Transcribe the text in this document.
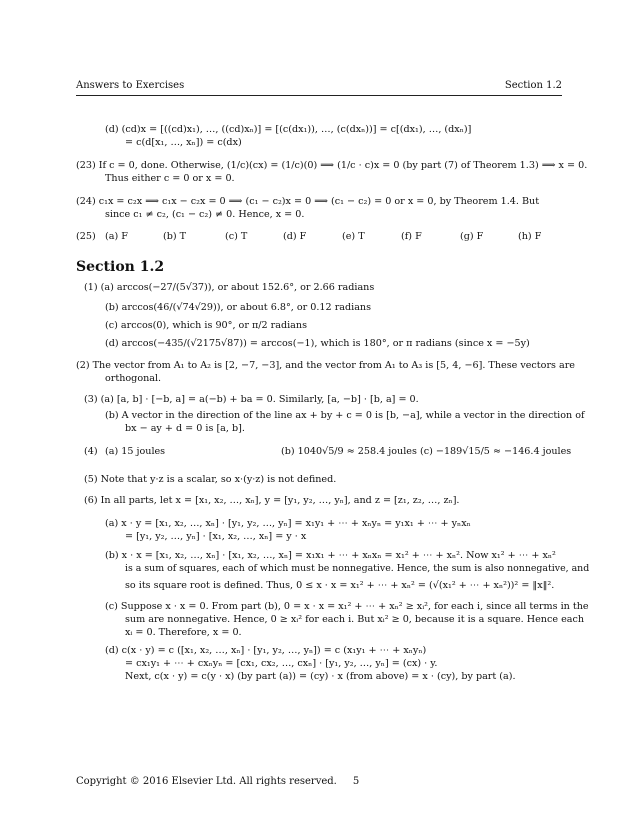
Answers to Exercises	Section 1.2
(d) (cd)x = [((cd)x₁), …, ((cd)xₙ)] = [(c(dx₁)), …, (c(dxₙ))] = c[(dx₁), …, (dxₙ)]
= c(d[x₁, …, xₙ]) = c(dx)
(23) If c = 0, done. Otherwise, (1/c)(cx) = (1/c)(0) ⟹ (1/c · c)x = 0 (by part (7) of Theorem 1.3) ⟹ x = 0.
Thus either c = 0 or x = 0.
(24) c₁x = c₂x ⟹ c₁x − c₂x = 0 ⟹ (c₁ − c₂)x = 0 ⟹ (c₁ − c₂) = 0 or x = 0, by Theorem 1.4. But
since c₁ ≠ c₂, (c₁ − c₂) ≠ 0. Hence, x = 0.
(25) (a) F	(b) T	(c) T	(d) F	(e) T	(f) F	(g) F	(h) F
Section 1.2
(1) (a) arccos(−27/(5√37)), or about 152.6°, or 2.66 radians
(b) arccos(46/(√74√29)), or about 6.8°, or 0.12 radians
(c) arccos(0), which is 90°, or π/2 radians
(d) arccos(−435/(√2175√87)) = arccos(−1), which is 180°, or π radians (since x = −5y)
(2) The vector from A₁ to A₂ is [2, −7, −3], and the vector from A₁ to A₃ is [5, 4, −6]. These vectors are
orthogonal.
(3) (a) [a, b] · [−b, a] = a(−b) + ba = 0. Similarly, [a, −b] · [b, a] = 0.
(b) A vector in the direction of the line ax + by + c = 0 is [b, −a], while a vector in the direction of
bx − ay + d = 0 is [a, b].
(4) (a) 15 joules	(b) 1040√5/9 ≈ 258.4 joules (c) −189√15/5 ≈ −146.4 joules
(5) Note that y·z is a scalar, so x·(y·z) is not defined.
(6) In all parts, let x = [x₁, x₂, …, xₙ], y = [y₁, y₂, …, yₙ], and z = [z₁, z₂, …, zₙ].
(a) x · y = [x₁, x₂, …, xₙ] · [y₁, y₂, …, yₙ] = x₁y₁ + ⋯ + xₙyₙ = y₁x₁ + ⋯ + yₙxₙ
= [y₁, y₂, …, yₙ] · [x₁, x₂, …, xₙ] = y · x
(b) x · x = [x₁, x₂, …, xₙ] · [x₁, x₂, …, xₙ] = x₁x₁ + ⋯ + xₙxₙ = x₁² + ⋯ + xₙ². Now x₁² + ⋯ + xₙ²
is a sum of squares, each of which must be nonnegative. Hence, the sum is also nonnegative, and
so its square root is defined. Thus, 0 ≤ x · x = x₁² + ⋯ + xₙ² = (√(x₁² + ⋯ + xₙ²))² = ‖x‖².
(c) Suppose x · x = 0. From part (b), 0 = x · x = x₁² + ⋯ + xₙ² ≥ xᵢ², for each i, since all terms in the
sum are nonnegative. Hence, 0 ≥ xᵢ² for each i. But xᵢ² ≥ 0, because it is a square. Hence each
xᵢ = 0. Therefore, x = 0.
(d) c(x · y) = c ([x₁, x₂, …, xₙ] · [y₁, y₂, …, yₙ]) = c (x₁y₁ + ⋯ + xₙyₙ)
= cx₁y₁ + ⋯ + cxₙyₙ = [cx₁, cx₂, …, cxₙ] · [y₁, y₂, …, yₙ] = (cx) · y.
Next, c(x · y) = c(y · x) (by part (a)) = (cy) · x (from above) = x · (cy), by part (a).
Copyright © 2016 Elsevier Ltd. All rights reserved. 5
